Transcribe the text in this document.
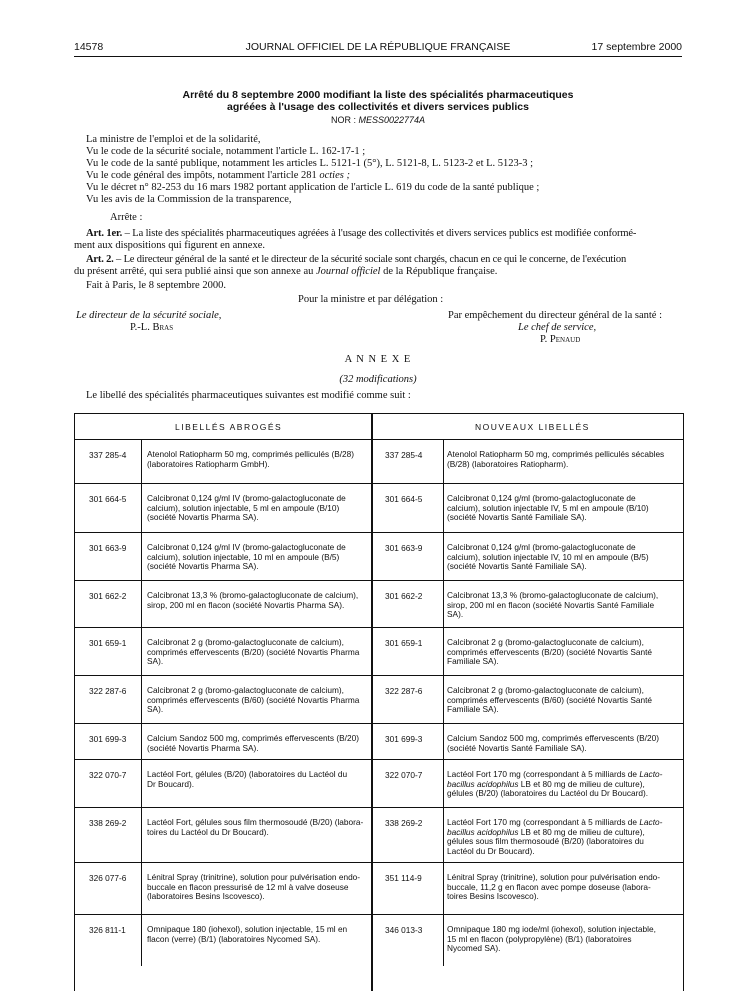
14578	JOURNAL OFFICIEL DE LA RÉPUBLIQUE FRANÇAISE	17 septembre 2000
Arrêté du 8 septembre 2000 modifiant la liste des spécialités pharmaceutiques
agréées à l'usage des collectivités et divers services publics
NOR : MESS0022774A
La ministre de l'emploi et de la solidarité,
Vu le code de la sécurité sociale, notamment l'article L. 162-17-1 ;
Vu le code de la santé publique, notamment les articles L. 5121-1 (5°), L. 5121-8, L. 5123-2 et L. 5123-3 ;
Vu le code général des impôts, notamment l'article 281 octies ;
Vu le décret n° 82-253 du 16 mars 1982 portant application de l'article L. 619 du code de la santé publique ;
Vu les avis de la Commission de la transparence,
Arrête :
Art. 1er. – La liste des spécialités pharmaceutiques agréées à l'usage des collectivités et divers services publics est modifiée conformé-
ment aux dispositions qui figurent en annexe.
Art. 2. – Le directeur général de la santé et le directeur de la sécurité sociale sont chargés, chacun en ce qui le concerne, de l'exécution
du présent arrêté, qui sera publié ainsi que son annexe au Journal officiel de la République française.
Fait à Paris, le 8 septembre 2000.
Pour la ministre et par délégation :
Le directeur de la sécurité sociale,
P.-L. Bras
Par empêchement du directeur général de la santé :
Le chef de service,
P. Penaud
A N N E X E
(32 modifications)
Le libellé des spécialités pharmaceutiques suivantes est modifié comme suit :
LIBELLÉS ABROGÉS	NOUVEAUX LIBELLÉS
337 285-4 Atenolol Ratiopharm 50 mg, comprimés pelliculés (B/28)
(laboratoires Ratiopharm GmbH).
337 285-4	Atenolol Ratiopharm 50 mg, comprimés pelliculés sécables
(B/28) (laboratoires Ratiopharm).
301 664-5 Calcibronat 0,124 g/ml IV (bromo-galactogluconate de
calcium), solution injectable, 5 ml en ampoule (B/10)
(société Novartis Pharma SA).
301 664-5	Calcibronat 0,124 g/ml (bromo-galactogluconate de
calcium), solution injectable IV, 5 ml en ampoule (B/10)
(société Novartis Santé Familiale SA).
301 663-9 Calcibronat 0,124 g/ml IV (bromo-galactogluconate de
calcium), solution injectable, 10 ml en ampoule (B/5)
(société Novartis Pharma SA).
301 663-9	Calcibronat 0,124 g/ml (bromo-galactogluconate de
calcium), solution injectable IV, 10 ml en ampoule (B/5)
(société Novartis Santé Familiale SA).
301 662-2 Calcibronat 13,3 % (bromo-galactogluconate de calcium),
sirop, 200 ml en flacon (société Novartis Pharma SA).
301 662-2	Calcibronat 13,3 % (bromo-galactogluconate de calcium),
sirop, 200 ml en flacon (société Novartis Santé Familiale
SA).
301 659-1 Calcibronat 2 g (bromo-galactogluconate de calcium),
comprimés effervescents (B/20) (société Novartis Pharma
SA).
301 659-1	Calcibronat 2 g (bromo-galactogluconate de calcium),
comprimés effervescents (B/20) (société Novartis Santé
Familiale SA).
322 287-6 Calcibronat 2 g (bromo-galactogluconate de calcium),
comprimés effervescents (B/60) (société Novartis Pharma
SA).
322 287-6	Calcibronat 2 g (bromo-galactogluconate de calcium),
comprimés effervescents (B/60) (société Novartis Santé
Familiale SA).
301 699-3 Calcium Sandoz 500 mg, comprimés effervescents (B/20)
(société Novartis Pharma SA).
301 699-3	Calcium Sandoz 500 mg, comprimés effervescents (B/20)
(société Novartis Santé Familiale SA).
322 070-7 Lactéol Fort, gélules (B/20) (laboratoires du Lactéol du
Dr Boucard).
322 070-7	Lactéol Fort 170 mg (correspondant à 5 milliards de Lacto-
bacillus acidophilus LB et 80 mg de milieu de culture),
gélules (B/20) (laboratoires du Lactéol du Dr Boucard).
338 269-2 Lactéol Fort, gélules sous film thermosoudé (B/20) (labora-
toires du Lactéol du Dr Boucard).
338 269-2	Lactéol Fort 170 mg (correspondant à 5 milliards de Lacto-
bacillus acidophilus LB et 80 mg de milieu de culture),
gélules sous film thermosoudé (B/20) (laboratoires du
Lactéol du Dr Boucard).
326 077-6 Lénitral Spray (trinitrine), solution pour pulvérisation endo-
buccale en flacon pressurisé de 12 ml à valve doseuse
(laboratoires Besins Iscovesco).
351 114-9	Lénitral Spray (trinitrine), solution pour pulvérisation endo-
buccale, 11,2 g en flacon avec pompe doseuse (labora-
toires Besins Iscovesco).
326 811-1	Omnipaque 180 (iohexol), solution injectable, 15 ml en
flacon (verre) (B/1) (laboratoires Nycomed SA).
346 013-3	Omnipaque 180 mg iode/ml (iohexol), solution injectable,
15 ml en flacon (polypropylène) (B/1) (laboratoires
Nycomed SA).
